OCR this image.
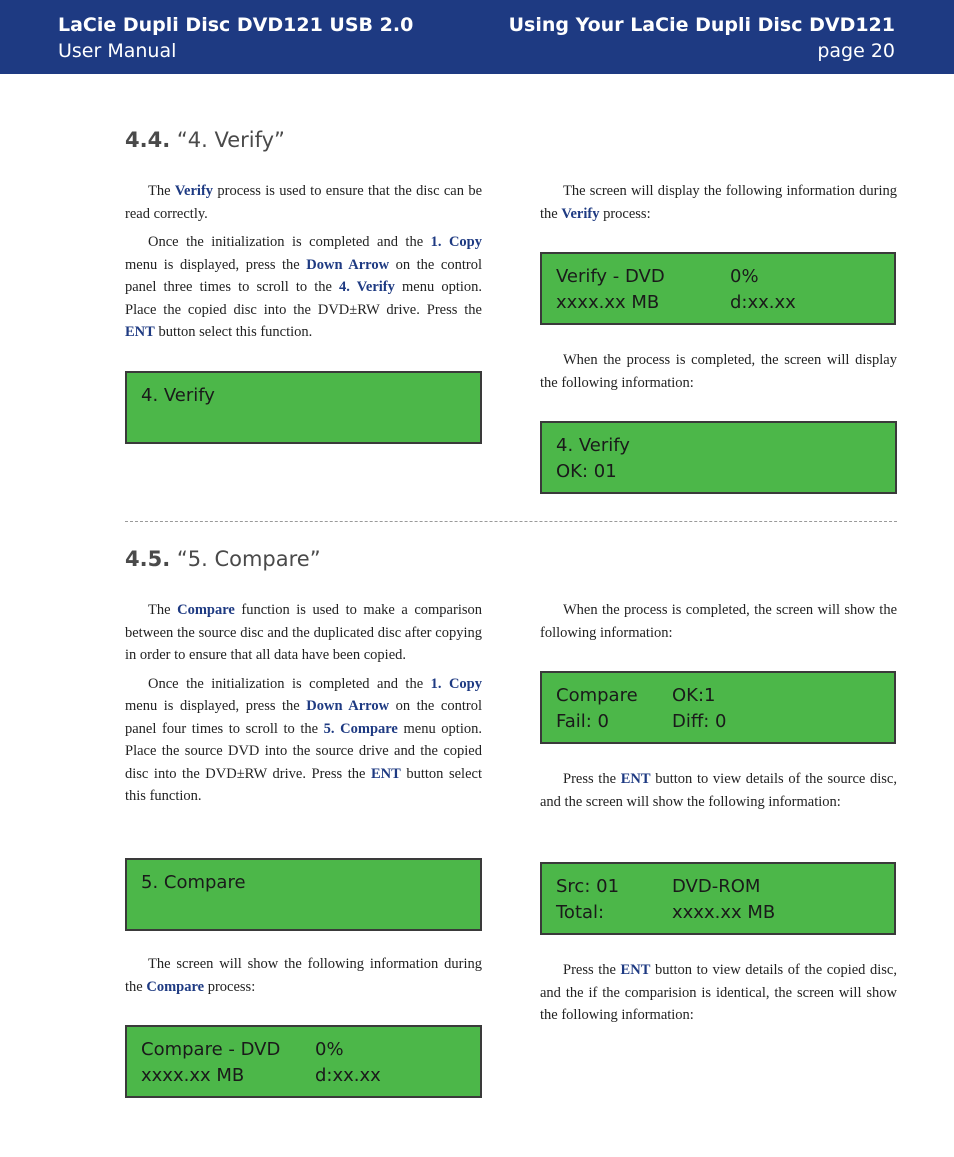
LaCie Dupli Disc DVD121 USB 2.0
User Manual
Using Your LaCie Dupli Disc DVD121
page 20
4.4. “4. Verify”

The Verify process is used to ensure that the disc can be read correctly.

Once the initialization is completed and the 1. Copy menu is displayed, press the Down Arrow on the control panel three times to scroll to the 4. Verify menu option. Place the copied disc into the DVD±RW drive. Press the ENT button select this function.

4. Verify

The screen will display the following information during the Verify process:

Verify - DVD	0%
xxxx.xx MB	d:xx.xx

When the process is completed, the screen will display the following information:

4. Verify
OK: 01
4.5. “5. Compare”

The Compare function is used to make a comparison between the source disc and the duplicated disc after copying in order to ensure that all data have been copied.

Once the initialization is completed and the 1. Copy menu is displayed, press the Down Arrow on the control panel four times to scroll to the 5. Compare menu option. Place the source DVD into the source drive and the copied disc into the DVD±RW drive. Press the ENT button select this function.

5. Compare

The screen will show the following information during the Compare process:

Compare - DVD	0%
xxxx.xx MB	d:xx.xx

When the process is completed, the screen will show the following information:

Compare	OK:1
Fail: 0	Diff: 0

Press the ENT button to view details of the source disc, and the screen will show the following information:

Src: 01	DVD-ROM
Total:	xxxx.xx MB

Press the ENT button to view details of the copied disc, and the if the comparision is identical, the screen will show the following information:
